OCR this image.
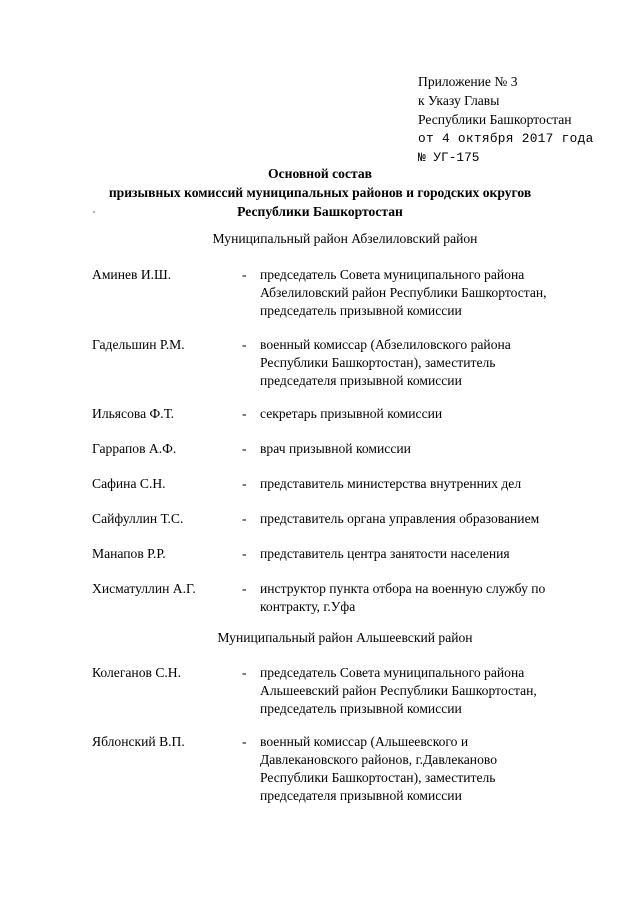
Приложение № 3
к Указу Главы
Республики Башкортостан
от 4 октября 2017 года
№ УГ-175
Основной состав
призывных комиссий муниципальных районов и городских округов
Республики Башкортостан
Муниципальный район Абзелиловский район
Аминев И.Ш.	- председатель Совета муниципального района
Абзелиловский район Республики Башкортостан,
председатель призывной комиссии
Гадельшин Р.М.	- военный комиссар (Абзелиловского района
Республики Башкортостан), заместитель
председателя призывной комиссии
Ильясова Ф.Т.	- секретарь призывной комиссии
Гаррапов А.Ф.	- врач призывной комиссии
Сафина С.Н.	- представитель министерства внутренних дел
Сайфуллин Т.С.	- представитель органа управления образованием
Манапов Р.Р.	- представитель центра занятости населения
Хисматуллин А.Г.	- инструктор пункта отбора на военную службу по
контракту, г.Уфа
Муниципальный район Альшеевский район
Колеганов С.Н.	- председатель Совета муниципального района
Альшеевский район Республики Башкортостан,
председатель призывной комиссии
Яблонский В.П.	- военный комиссар (Альшеевского и
Давлекановского районов, г.Давлеканово
Республики Башкортостан), заместитель
председателя призывной комиссии
